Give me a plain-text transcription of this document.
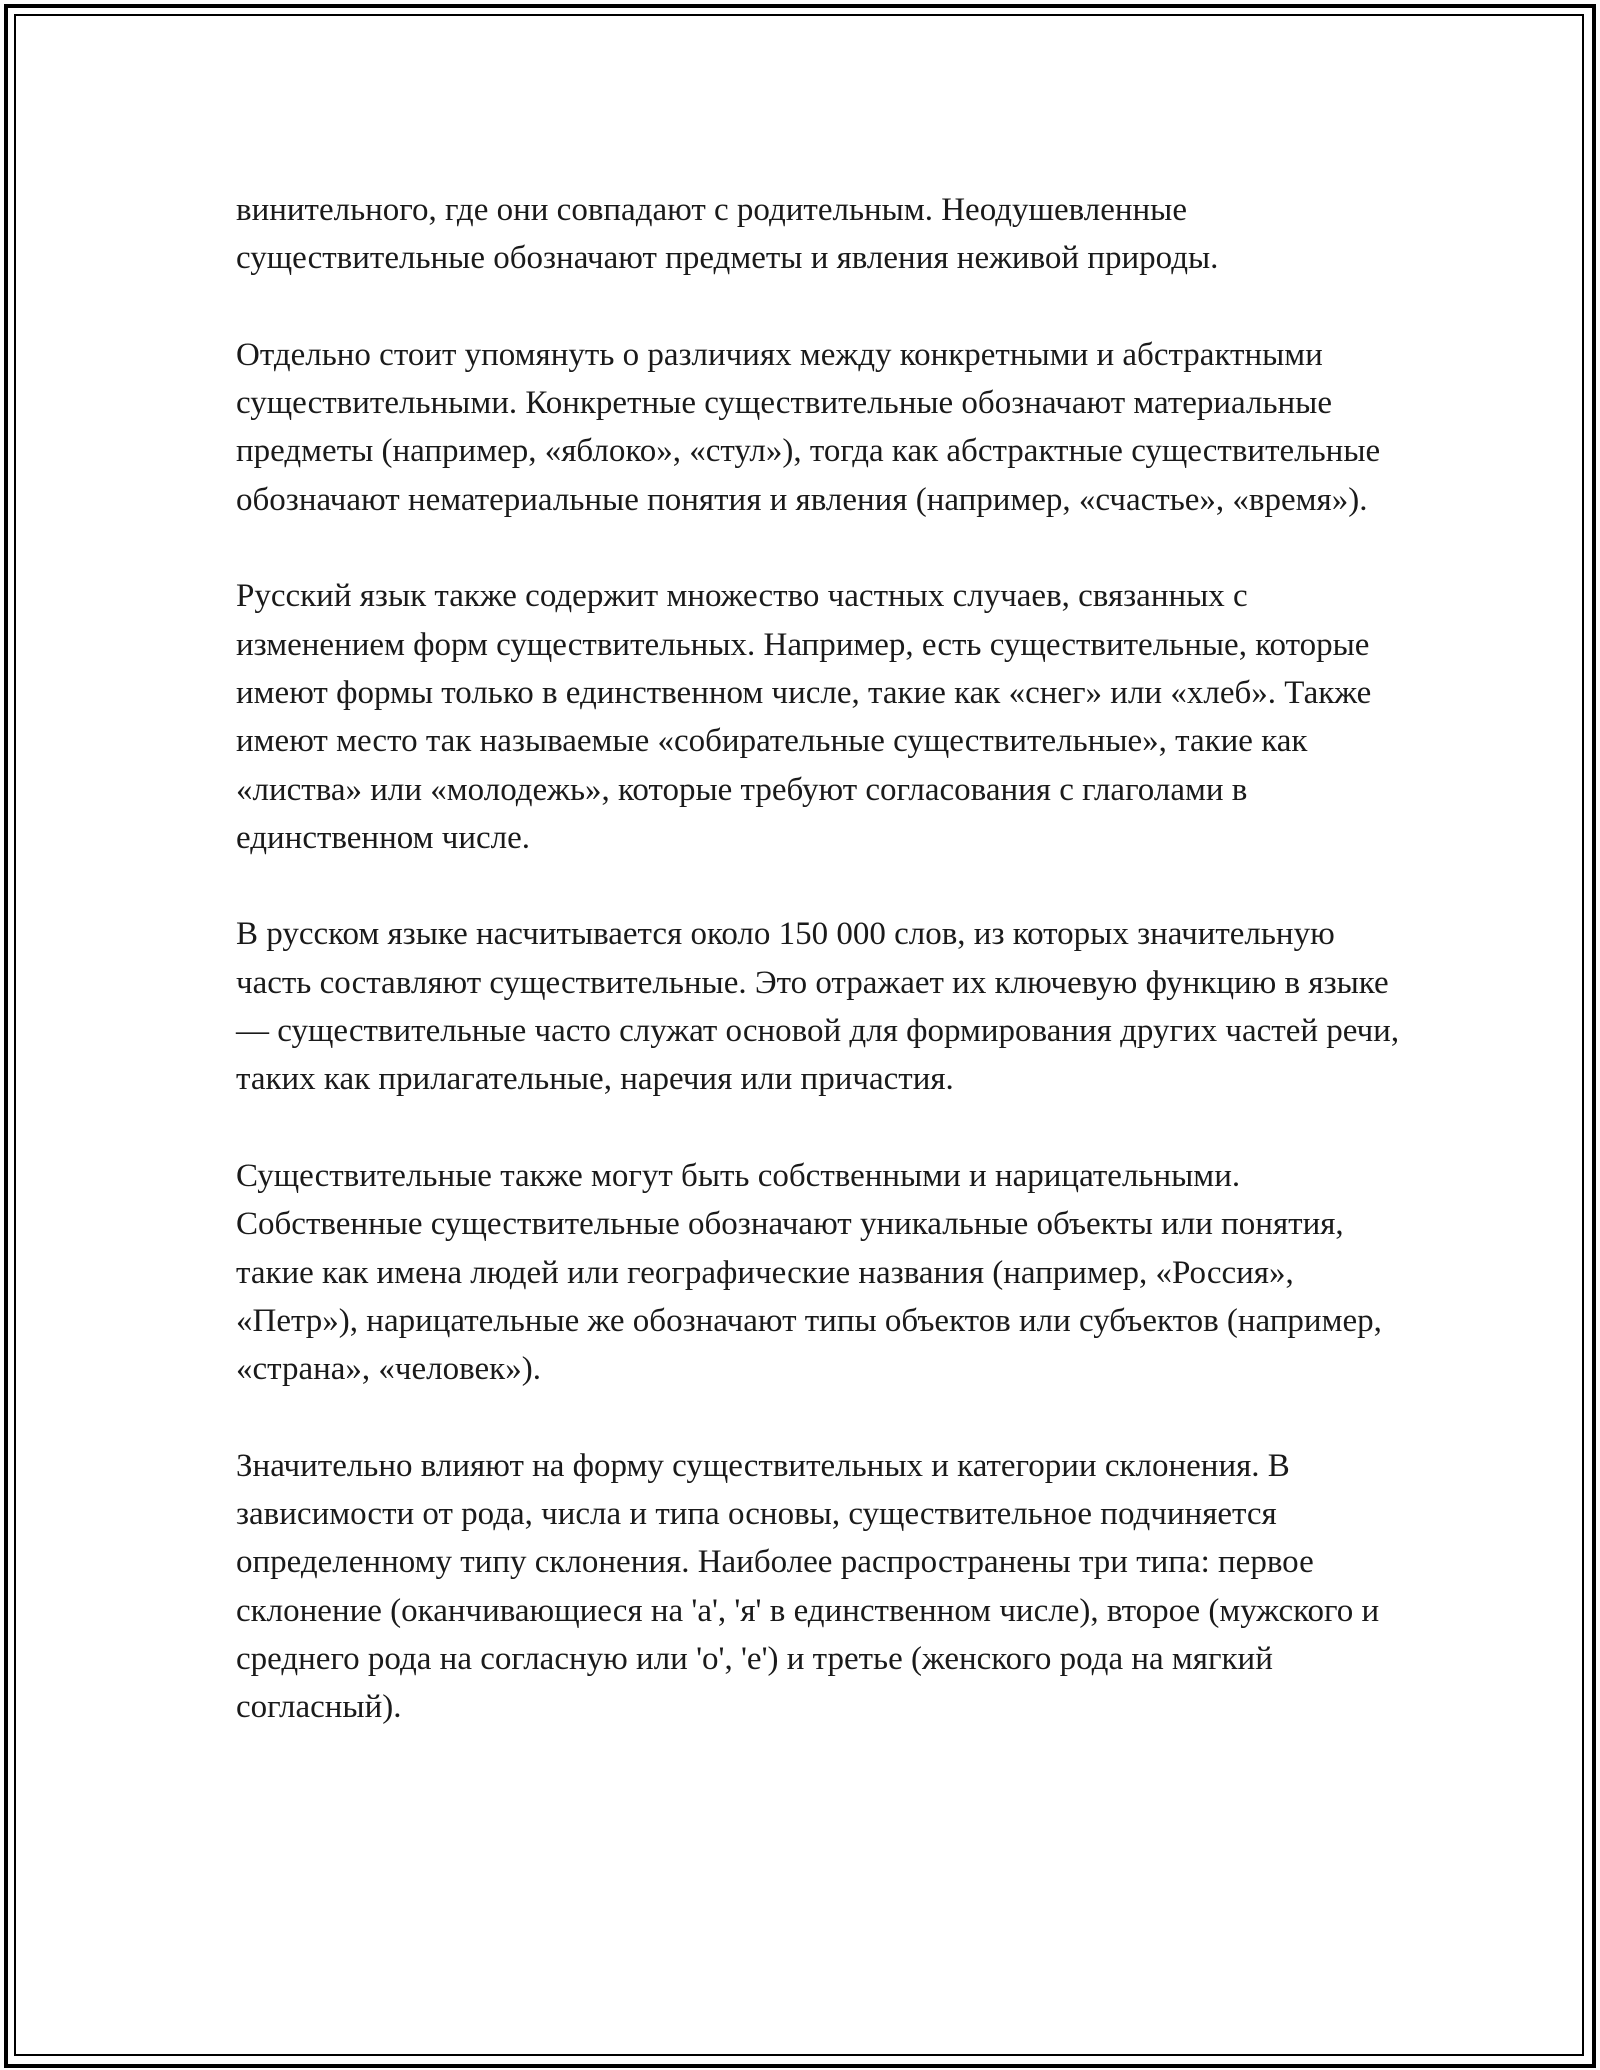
винительного, где они совпадают с родительным. Неодушевленные существительные обозначают предметы и явления неживой природы.

Отдельно стоит упомянуть о различиях между конкретными и абстрактными существительными. Конкретные существительные обозначают материальные предметы (например, «яблоко», «стул»), тогда как абстрактные существительные обозначают нематериальные понятия и явления (например, «счастье», «время»).

Русский язык также содержит множество частных случаев, связанных с изменением форм существительных. Например, есть существительные, которые имеют формы только в единственном числе, такие как «снег» или «хлеб». Также имеют место так называемые «собирательные существительные», такие как «листва» или «молодежь», которые требуют согласования с глаголами в единственном числе.

В русском языке насчитывается около 150 000 слов, из которых значительную часть составляют существительные. Это отражает их ключевую функцию в языке — существительные часто служат основой для формирования других частей речи, таких как прилагательные, наречия или причастия.

Существительные также могут быть собственными и нарицательными. Собственные существительные обозначают уникальные объекты или понятия, такие как имена людей или географические названия (например, «Россия», «Петр»), нарицательные же обозначают типы объектов или субъектов (например, «страна», «человек»).

Значительно влияют на форму существительных и категории склонения. В зависимости от рода, числа и типа основы, существительное подчиняется определенному типу склонения. Наиболее распространены три типа: первое склонение (оканчивающиеся на 'а', 'я' в единственном числе), второе (мужского и среднего рода на согласную или 'о', 'е') и третье (женского рода на мягкий согласный).
